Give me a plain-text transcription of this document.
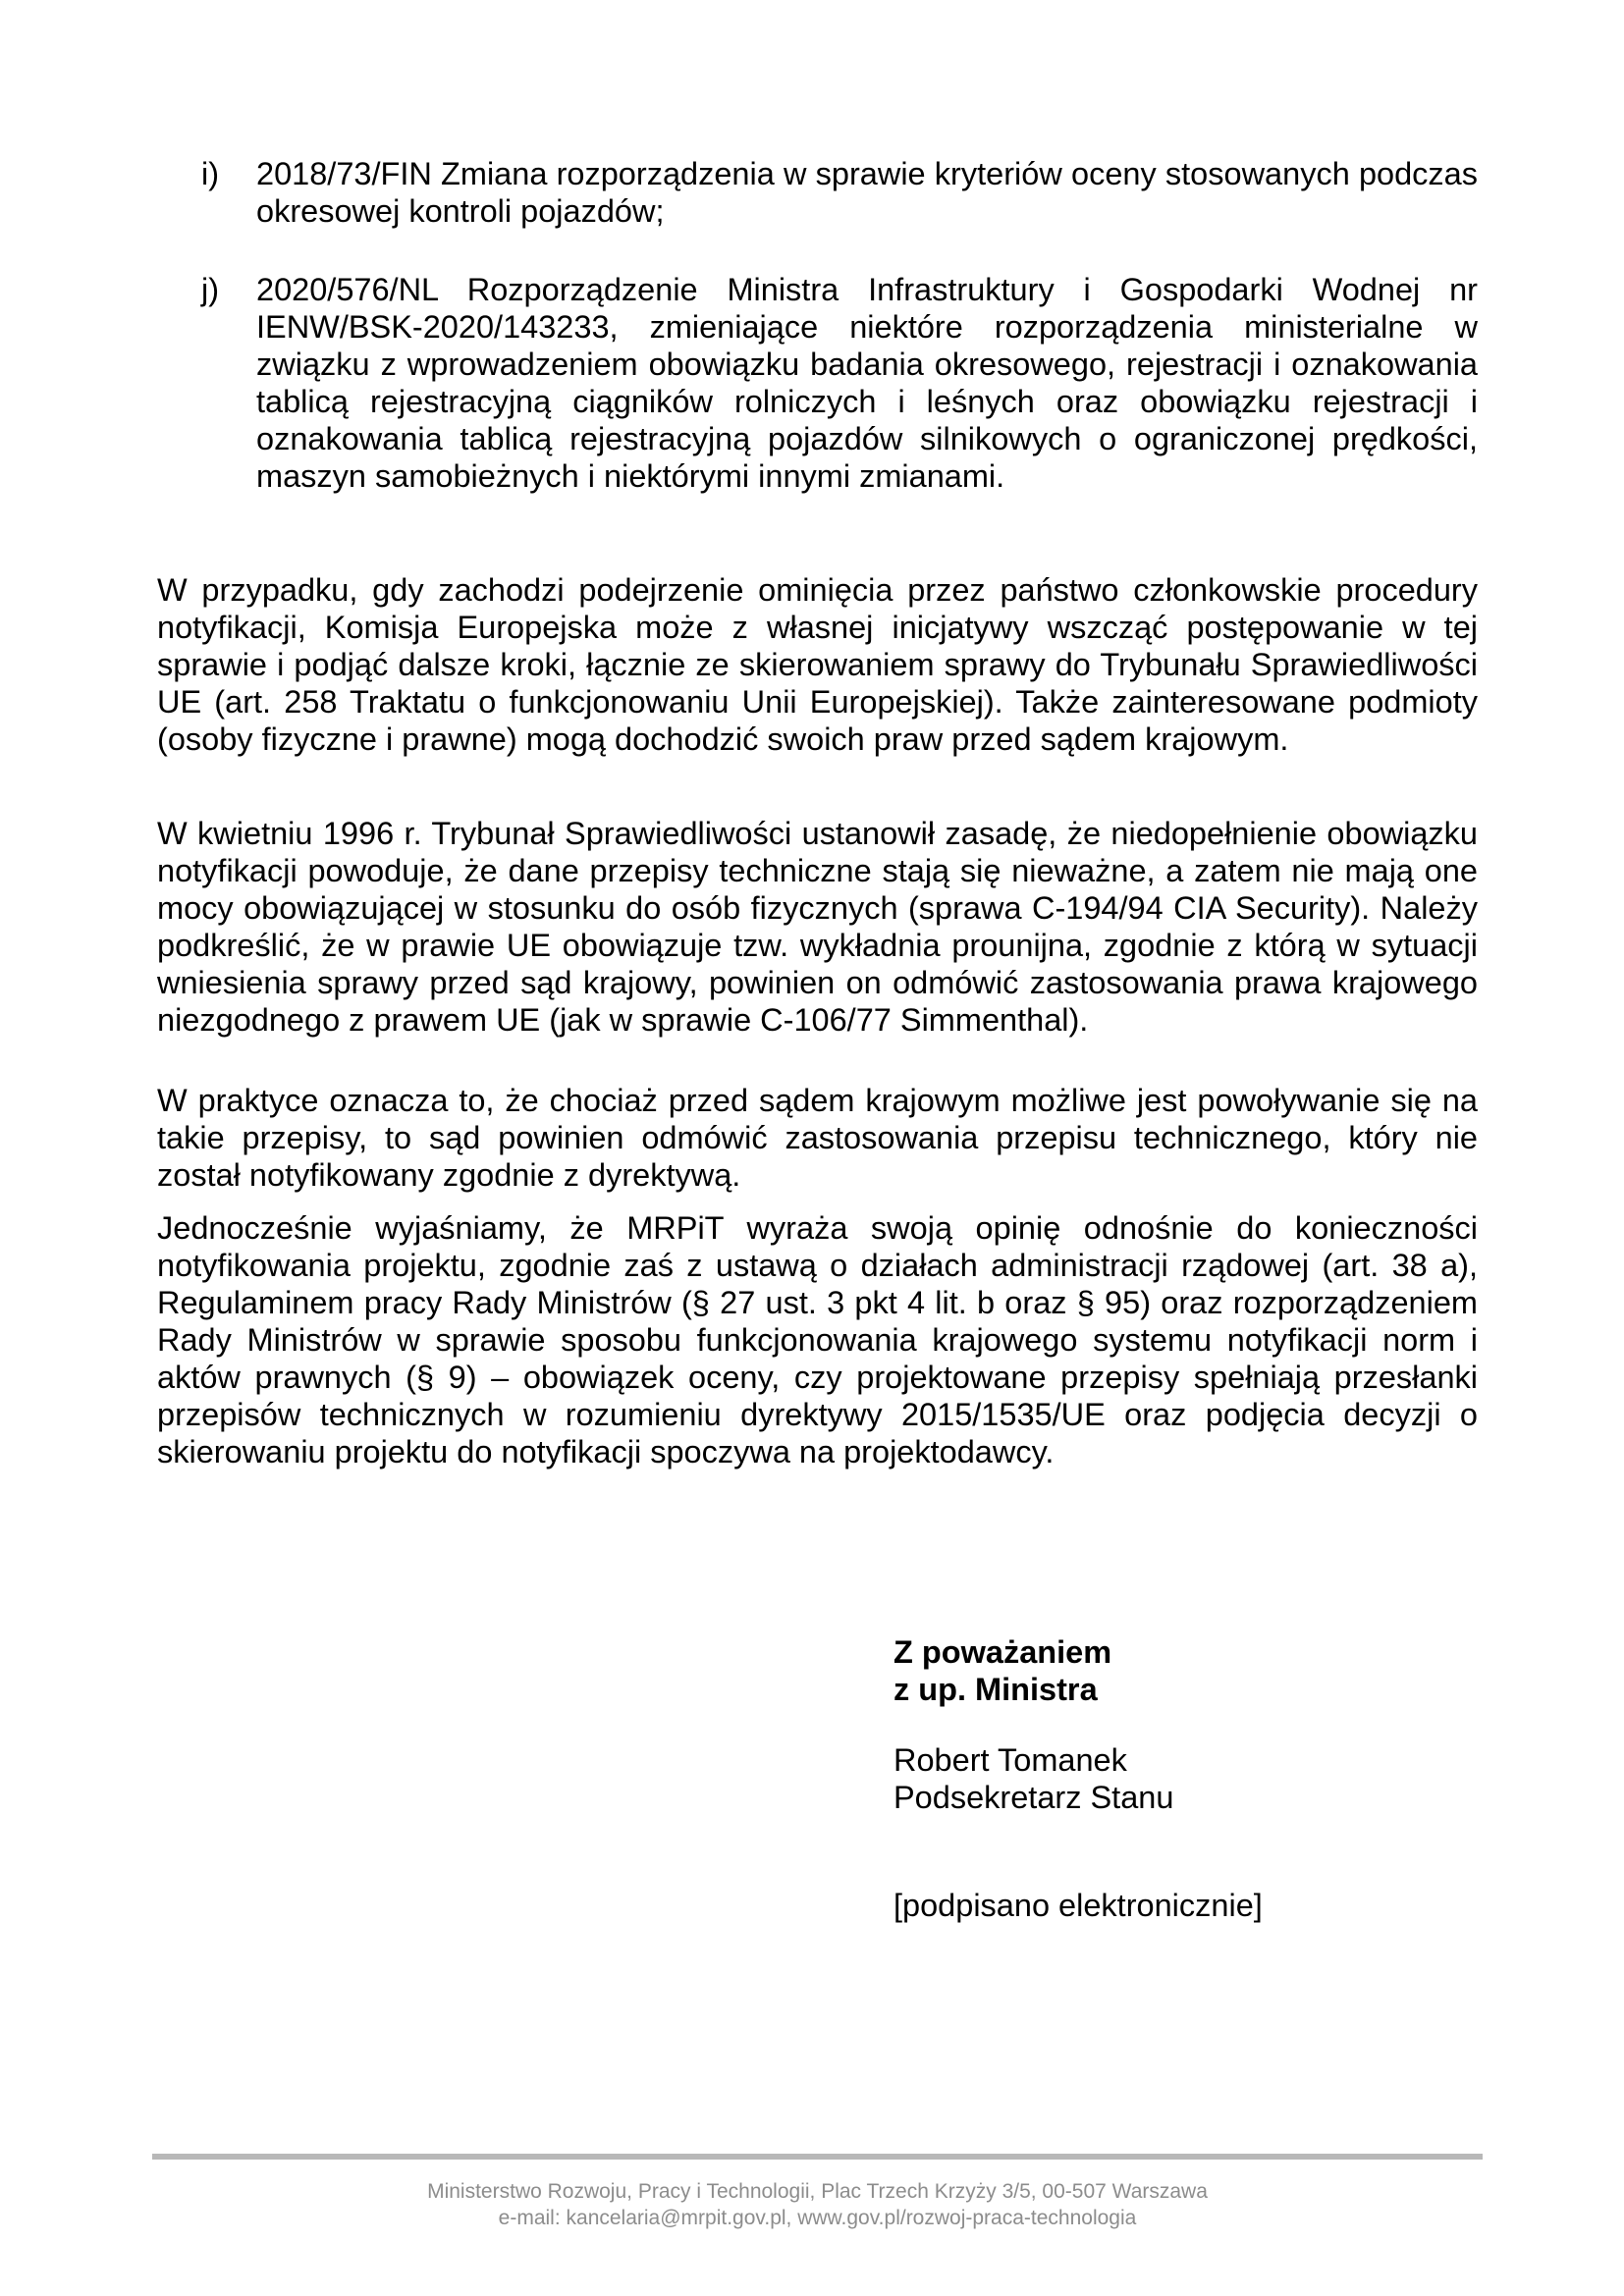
i) 2018/73/FIN Zmiana rozporządzenia w sprawie kryteriów oceny stosowanych podczas okresowej kontroli pojazdów;
j) 2020/576/NL Rozporządzenie Ministra Infrastruktury i Gospodarki Wodnej nr IENW/BSK-2020/143233, zmieniające niektóre rozporządzenia ministerialne w związku z wprowadzeniem obowiązku badania okresowego, rejestracji i oznakowania tablicą rejestracyjną ciągników rolniczych i leśnych oraz obowiązku rejestracji i oznakowania tablicą rejestracyjną pojazdów silnikowych o ograniczonej prędkości, maszyn samobieżnych i niektórymi innymi zmianami.

W przypadku, gdy zachodzi podejrzenie ominięcia przez państwo członkowskie procedury notyfikacji, Komisja Europejska może z własnej inicjatywy wszcząć postępowanie w tej sprawie i podjąć dalsze kroki, łącznie ze skierowaniem sprawy do Trybunału Sprawiedliwości UE (art. 258 Traktatu o funkcjonowaniu Unii Europejskiej). Także zainteresowane podmioty (osoby fizyczne i prawne) mogą dochodzić swoich praw przed sądem krajowym.

W kwietniu 1996 r. Trybunał Sprawiedliwości ustanowił zasadę, że niedopełnienie obowiązku notyfikacji powoduje, że dane przepisy techniczne stają się nieważne, a zatem nie mają one mocy obowiązującej w stosunku do osób fizycznych (sprawa C-194/94 CIA Security). Należy podkreślić, że w prawie UE obowiązuje tzw. wykładnia prounijna, zgodnie z którą w sytuacji wniesienia sprawy przed sąd krajowy, powinien on odmówić zastosowania prawa krajowego niezgodnego z prawem UE (jak w sprawie C-106/77 Simmenthal).

W praktyce oznacza to, że chociaż przed sądem krajowym możliwe jest powoływanie się na takie przepisy, to sąd powinien odmówić zastosowania przepisu technicznego, który nie został notyfikowany zgodnie z dyrektywą.

Jednocześnie wyjaśniamy, że MRPiT wyraża swoją opinię odnośnie do konieczności notyfikowania projektu, zgodnie zaś z ustawą o działach administracji rządowej (art. 38 a), Regulaminem pracy Rady Ministrów (§ 27 ust. 3 pkt 4 lit. b oraz § 95) oraz rozporządzeniem Rady Ministrów w sprawie sposobu funkcjonowania krajowego systemu notyfikacji norm i aktów prawnych (§ 9) – obowiązek oceny, czy projektowane przepisy spełniają przesłanki przepisów technicznych w rozumieniu dyrektywy 2015/1535/UE oraz podjęcia decyzji o skierowaniu projektu do notyfikacji spoczywa na projektodawcy.

Z poważaniem
z up. Ministra
Robert Tomanek
Podsekretarz Stanu
[podpisano elektronicznie]
Ministerstwo Rozwoju, Pracy i Technologii, Plac Trzech Krzyży 3/5, 00-507 Warszawa
e-mail: kancelaria@mrpit.gov.pl, www.gov.pl/rozwoj-praca-technologia
